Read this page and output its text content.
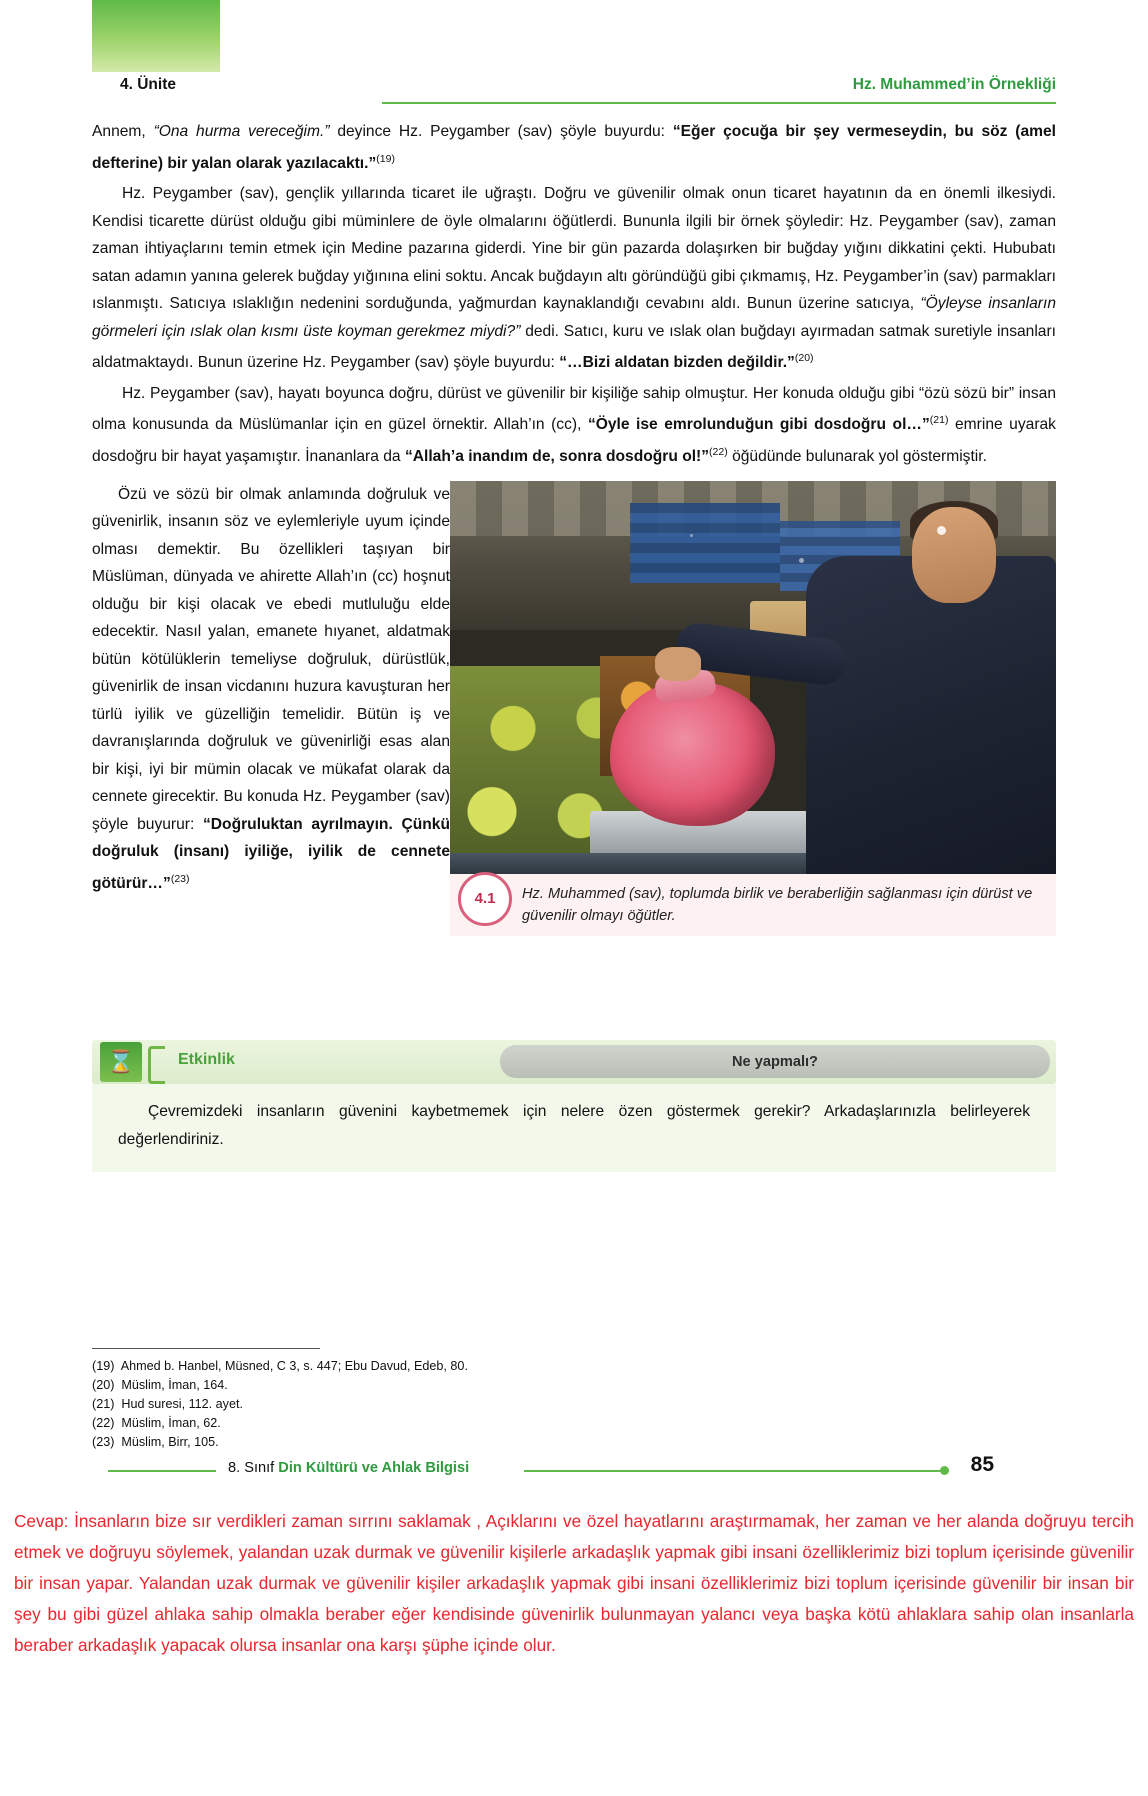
4. Ünite	Hz. Muhammed’in Örnekliği

Annem, “Ona hurma vereceğim.” deyince Hz. Peygamber (sav) şöyle buyurdu: “Eğer çocuğa bir şey vermeseydin, bu söz (amel defterine) bir yalan olarak yazılacaktı.”$^{(19)}$

Hz. Peygamber (sav), gençlik yıllarında ticaret ile uğraştı. Doğru ve güvenilir olmak onun ticaret hayatının da en önemli ilkesiydi. Kendisi ticarette dürüst olduğu gibi müminlere de öyle olmalarını öğütlerdi. Bununla ilgili bir örnek şöyledir: Hz. Peygamber (sav), zaman zaman ihtiyaçlarını temin etmek için Medine pazarına giderdi. Yine bir gün pazarda dolaşırken bir buğday yığını dikkatini çekti. Hububatı satan adamın yanına gelerek buğday yığınına elini soktu. Ancak buğdayın altı göründüğü gibi çıkmamış, Hz. Peygamber’in (sav) parmakları ıslanmıştı. Satıcıya ıslaklığın nedenini sorduğunda, yağmurdan kaynaklandığı cevabını aldı. Bunun üzerine satıcıya, “Öyleyse insanların görmeleri için ıslak olan kısmı üste koyman gerekmez miydi?” dedi. Satıcı, kuru ve ıslak olan buğdayı ayırmadan satmak suretiyle insanları aldatmaktaydı. Bunun üzerine Hz. Peygamber (sav) şöyle buyurdu: “…Bizi aldatan bizden değildir.”$^{(20)}$

Hz. Peygamber (sav), hayatı boyunca doğru, dürüst ve güvenilir bir kişiliğe sahip olmuştur. Her konuda olduğu gibi “özü sözü bir” insan olma konusunda da Müslümanlar için en güzel örnektir. Allah’ın (cc), “Öyle ise emrolunduğun gibi dosdoğru ol…”$^{(21)}$ emrine uyarak dosdoğru bir hayat yaşamıştır. İnananlara da “Allah’a inandım de, sonra dosdoğru ol!”$^{(22)}$ öğüdünde bulunarak yol göstermiştir.

Özü ve sözü bir olmak anlamında doğruluk ve güvenirlik, insanın söz ve eylemleriyle uyum içinde olması demektir. Bu özellikleri taşıyan bir Müslüman, dünyada ve ahirette Allah’ın (cc) hoşnut olduğu bir kişi olacak ve ebedi mutluluğu elde edecektir. Nasıl yalan, emanete hıyanet, aldatmak bütün kötülüklerin temeliyse doğruluk, dürüstlük, güvenirlik de insan vicdanını huzura kavuşturan her türlü iyilik ve güzelliğin temelidir. Bütün iş ve davranışlarında doğruluk ve güvenirliği esas alan bir kişi, iyi bir mümin olacak ve mükafat olarak da cennete girecektir. Bu konuda Hz. Peygamber (sav) şöyle buyurur: “Doğruluktan ayrılmayın. Çünkü doğruluk (insanı) iyiliğe, iyilik de cennete götürür…”$^{(23)}$

4.1	Hz. Muhammed (sav), toplumda birlik ve beraberliğin sağlanması için dürüst ve güvenilir olmayı öğütler.
⌛	Etkinlik	Ne yapmalı?

Çevremizdeki insanların güvenini kaybetmemek için nelere özen göstermek gerekir? Arkadaşlarınızla belirleyerek değerlendiriniz.

(19)  Ahmed b. Hanbel, Müsned, C 3, s. 447; Ebu Davud, Edeb, 80.
(20)  Müslim, İman, 164.
(21)  Hud suresi, 112. ayet.
(22)  Müslim, İman, 62.
(23)  Müslim, Birr, 105.
8. Sınıf Din Kültürü ve Ahlak Bilgisi	85
Cevap: İnsanların bize sır verdikleri zaman sırrını saklamak , Açıklarını ve özel hayatlarını araştırmamak, her zaman ve her alanda doğruyu tercih etmek ve doğruyu söylemek, yalandan uzak durmak ve güvenilir kişilerle arkadaşlık yapmak gibi insani özelliklerimiz bizi toplum içerisinde güvenilir bir insan yapar. Yalandan uzak durmak ve güvenilir kişiler arkadaşlık yapmak gibi insani özelliklerimiz bizi toplum içerisinde güvenilir bir insan bir şey bu gibi güzel ahlaka sahip olmakla beraber eğer kendisinde güvenirlik bulunmayan yalancı veya başka kötü ahlaklara sahip olan insanlarla beraber arkadaşlık yapacak olursa insanlar ona karşı şüphe içinde olur.
